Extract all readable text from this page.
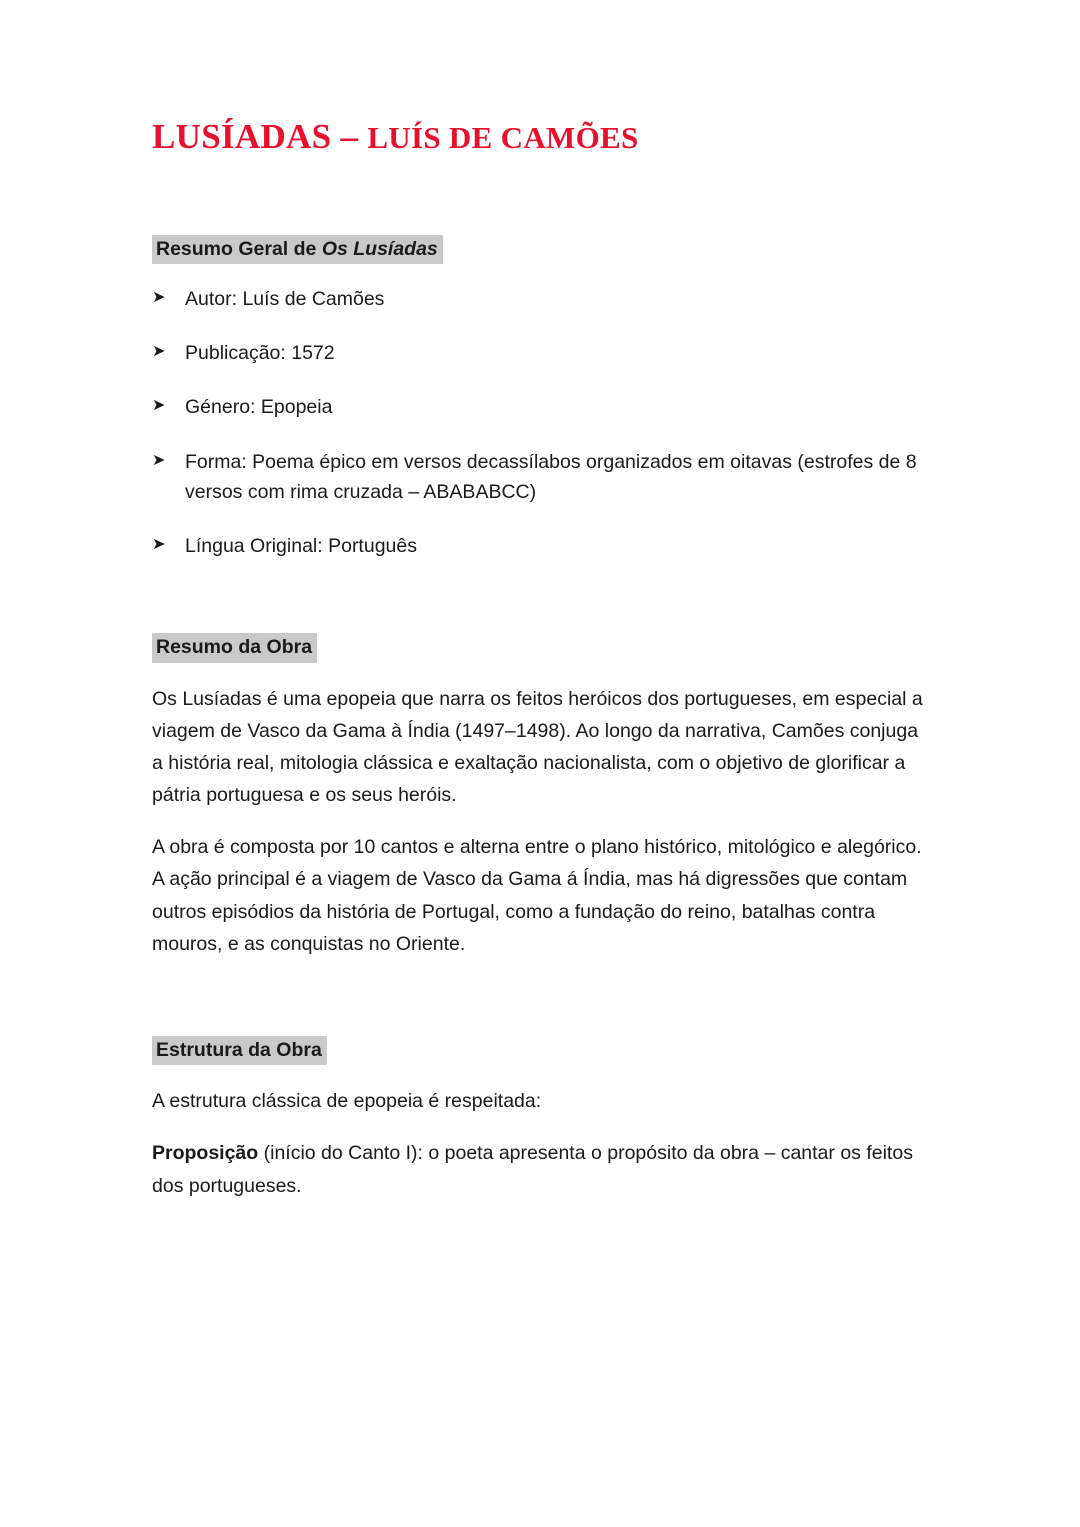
LUSÍADAS – LUÍS DE CAMÕES
Resumo Geral de Os Lusíadas
➤ Autor: Luís de Camões
➤ Publicação: 1572
➤ Género: Epopeia
➤ Forma: Poema épico em versos decassílabos organizados em oitavas (estrofes de 8 versos com rima cruzada – ABABABCC)
➤ Língua Original: Português
Resumo da Obra

Os Lusíadas é uma epopeia que narra os feitos heróicos dos portugueses, em especial a viagem de Vasco da Gama à Índia (1497–1498). Ao longo da narrativa, Camões conjuga a história real, mitologia clássica e exaltação nacionalista, com o objetivo de glorificar a pátria portuguesa e os seus heróis.

A obra é composta por 10 cantos e alterna entre o plano histórico, mitológico e alegórico. A ação principal é a viagem de Vasco da Gama á Índia, mas há digressões que contam outros episódios da história de Portugal, como a fundação do reino, batalhas contra mouros, e as conquistas no Oriente.

Estrutura da Obra

A estrutura clássica de epopeia é respeitada:

Proposição (início do Canto I): o poeta apresenta o propósito da obra – cantar os feitos dos portugueses.
